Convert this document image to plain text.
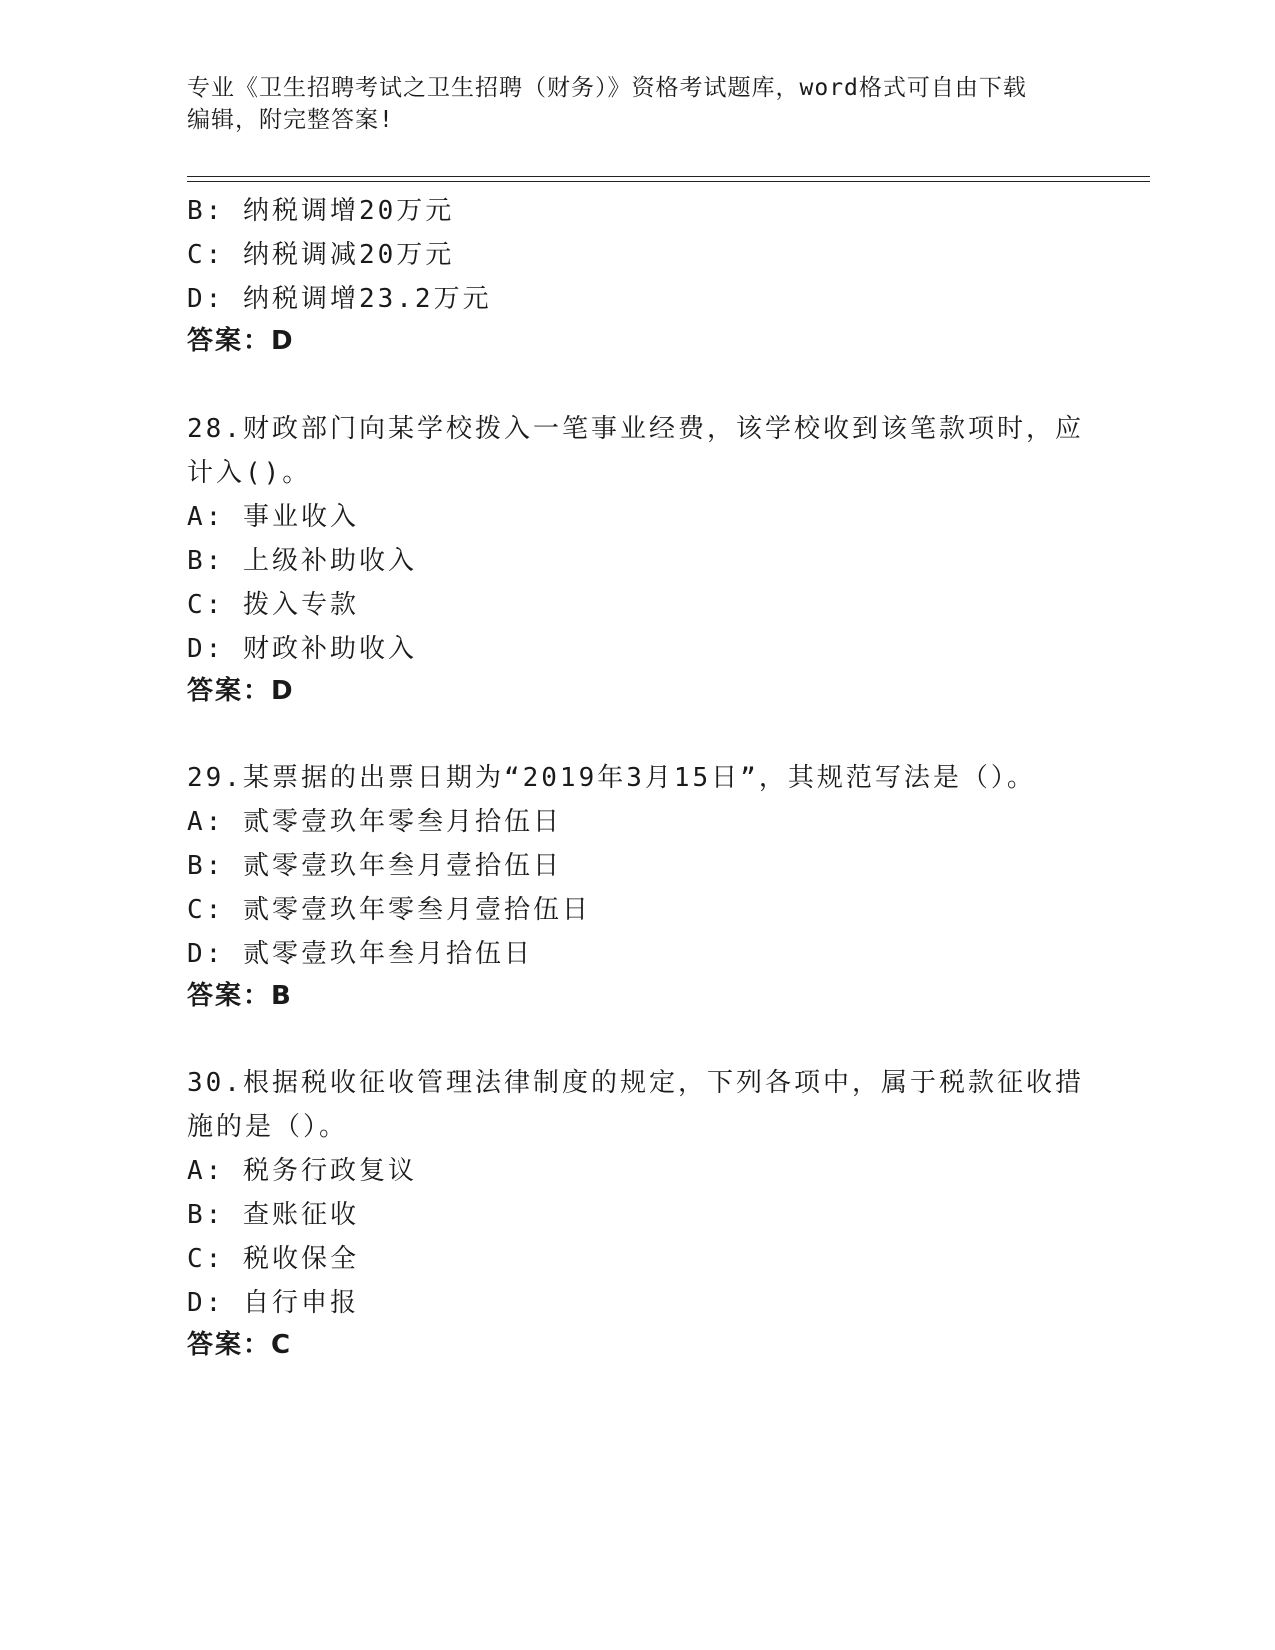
专业《卫生招聘考试之卫生招聘（财务）》资格考试题库，word格式可自由下载
编辑，附完整答案!
B: 纳税调增20万元
C: 纳税调减20万元
D: 纳税调增23.2万元
答案：D
28.财政部门向某学校拨入一笔事业经费，该学校收到该笔款项时，应
计入()。
A: 事业收入
B: 上级补助收入
C: 拨入专款
D: 财政补助收入
答案：D
29.某票据的出票日期为“2019年3月15日”，其规范写法是（）。
A: 贰零壹玖年零叁月拾伍日
B: 贰零壹玖年叁月壹拾伍日
C: 贰零壹玖年零叁月壹拾伍日
D: 贰零壹玖年叁月拾伍日
答案：B
30.根据税收征收管理法律制度的规定，下列各项中，属于税款征收措
施的是（）。
A: 税务行政复议
B: 查账征收
C: 税收保全
D: 自行申报
答案：C
